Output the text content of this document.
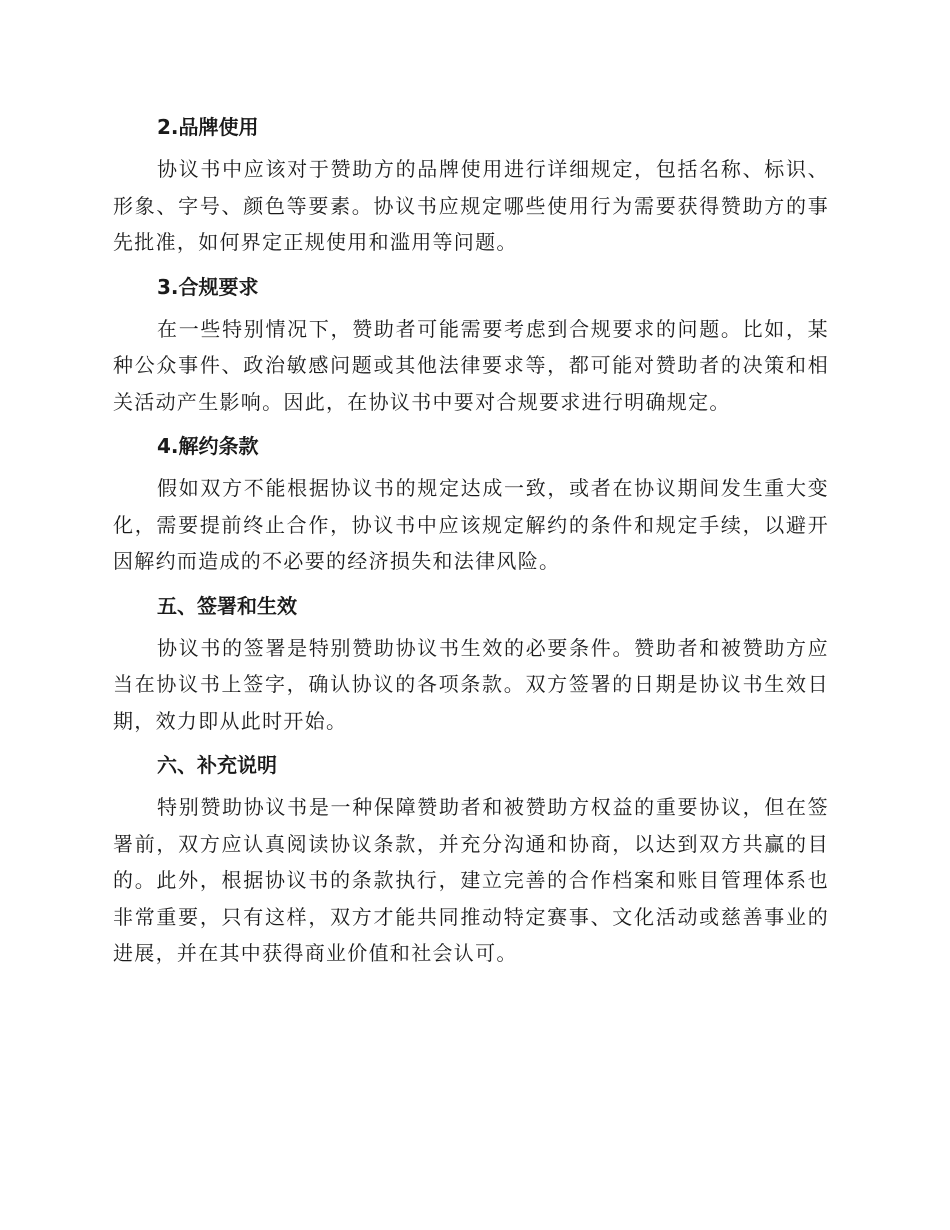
2.品牌使用

协议书中应该对于赞助方的品牌使用进行详细规定，包括名称、标识、形象、字号、颜色等要素。协议书应规定哪些使用行为需要获得赞助方的事先批准，如何界定正规使用和滥用等问题。

3.合规要求

在一些特别情况下，赞助者可能需要考虑到合规要求的问题。比如，某种公众事件、政治敏感问题或其他法律要求等，都可能对赞助者的决策和相关活动产生影响。因此，在协议书中要对合规要求进行明确规定。

4.解约条款

假如双方不能根据协议书的规定达成一致，或者在协议期间发生重大变化，需要提前终止合作，协议书中应该规定解约的条件和规定手续，以避开因解约而造成的不必要的经济损失和法律风险。

五、签署和生效

协议书的签署是特别赞助协议书生效的必要条件。赞助者和被赞助方应当在协议书上签字，确认协议的各项条款。双方签署的日期是协议书生效日期，效力即从此时开始。

六、补充说明

特别赞助协议书是一种保障赞助者和被赞助方权益的重要协议，但在签署前，双方应认真阅读协议条款，并充分沟通和协商，以达到双方共赢的目的。此外，根据协议书的条款执行，建立完善的合作档案和账目管理体系也非常重要，只有这样，双方才能共同推动特定赛事、文化活动或慈善事业的进展，并在其中获得商业价值和社会认可。
